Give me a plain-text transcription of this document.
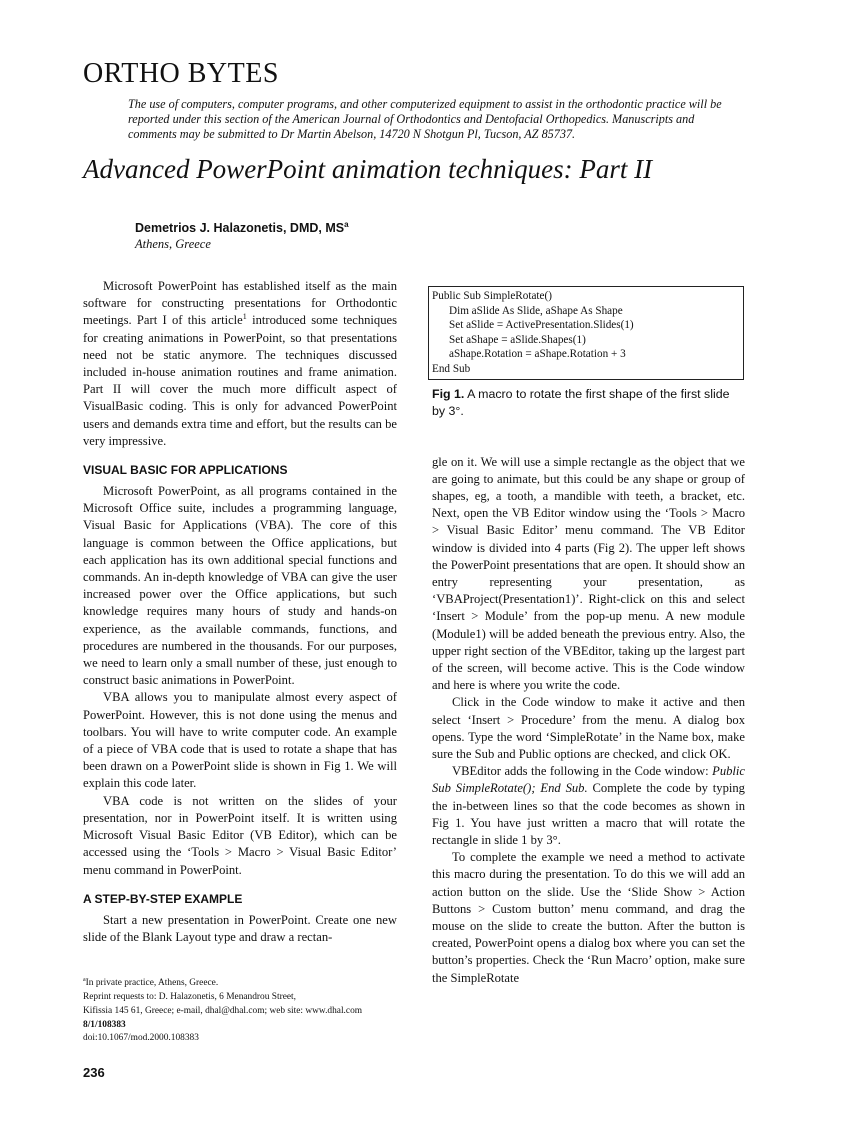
ORTHO BYTES
The use of computers, computer programs, and other computerized equipment to assist in the orthodontic practice will be reported under this section of the American Journal of Orthodontics and Dentofacial Orthopedics. Manuscripts and comments may be submitted to Dr Martin Abelson, 14720 N Shotgun Pl, Tucson, AZ 85737.
Advanced PowerPoint animation techniques: Part II
Demetrios J. Halazonetis, DMD, $MS^a$
Athens, Greece

Microsoft PowerPoint has established itself as the main software for constructing presentations for Orthodontic meetings. Part I of this article$^1$ introduced some techniques for creating animations in PowerPoint, so that presentations need not be static anymore. The techniques discussed included in-house animation routines and frame animation. Part II will cover the much more difficult aspect of VisualBasic coding. This is only for advanced PowerPoint users and demands extra time and effort, but the results can be very impressive.

VISUAL BASIC FOR APPLICATIONS

Microsoft PowerPoint, as all programs contained in the Microsoft Office suite, includes a programming language, Visual Basic for Applications (VBA). The core of this language is common between the Office applications, but each application has its own additional special functions and commands. An in-depth knowledge of VBA can give the user increased power over the Office applications, but such knowledge requires many hours of study and hands-on experience, as the available commands, functions, and procedures are numbered in the thousands. For our purposes, we need to learn only a small number of these, just enough to construct basic animations in PowerPoint.

VBA allows you to manipulate almost every aspect of PowerPoint. However, this is not done using the menus and toolbars. You will have to write computer code. An example of a piece of VBA code that is used to rotate a shape that has been drawn on a PowerPoint slide is shown in Fig 1. We will explain this code later.

VBA code is not written on the slides of your presentation, nor in PowerPoint itself. It is written using Microsoft Visual Basic Editor (VB Editor), which can be accessed using the ‘Tools > Macro > Visual Basic Editor’ menu command in PowerPoint.

A STEP-BY-STEP EXAMPLE

Start a new presentation in PowerPoint. Create one new slide of the Blank Layout type and draw a rectan-

$^a$In private practice, Athens, Greece.
Reprint requests to: D. Halazonetis, 6 Menandrou Street,
Kifissia 145 61, Greece; e-mail, dhal@dhal.com; web site: www.dhal.com
8/1/108383
doi:10.1067/mod.2000.108383
236
Public Sub SimpleRotate()
Dim aSlide As Slide, aShape As Shape
Set aSlide = ActivePresentation.Slides(1)
Set aShape = aSlide.Shapes(1)
aShape.Rotation = aShape.Rotation + 3
End Sub
Fig 1. A macro to rotate the first shape of the first slide by 3°.

gle on it. We will use a simple rectangle as the object that we are going to animate, but this could be any shape or group of shapes, eg, a tooth, a mandible with teeth, a bracket, etc. Next, open the VB Editor window using the ‘Tools > Macro > Visual Basic Editor’ menu command. The VB Editor window is divided into 4 parts (Fig 2). The upper left shows the PowerPoint presentations that are open. It should show an entry representing your presentation, as ‘VBAProject(Presentation1)’. Right-click on this and select ‘Insert > Module’ from the pop-up menu. A new module (Module1) will be added beneath the previous entry. Also, the upper right section of the VBEditor, taking up the largest part of the screen, will become active. This is the Code window and here is where you write the code.

Click in the Code window to make it active and then select ‘Insert > Procedure’ from the menu. A dialog box opens. Type the word ‘SimpleRotate’ in the Name box, make sure the Sub and Public options are checked, and click OK.

VBEditor adds the following in the Code window: Public Sub SimpleRotate(); End Sub. Complete the code by typing the in-between lines so that the code becomes as shown in Fig 1. You have just written a macro that will rotate the rectangle in slide 1 by 3°.

To complete the example we need a method to activate this macro during the presentation. To do this we will add an action button on the slide. Use the ‘Slide Show > Action Buttons > Custom button’ menu command, and drag the mouse on the slide to create the button. After the button is created, PowerPoint opens a dialog box where you can set the button’s properties. Check the ‘Run Macro’ option, make sure the SimpleRotate
